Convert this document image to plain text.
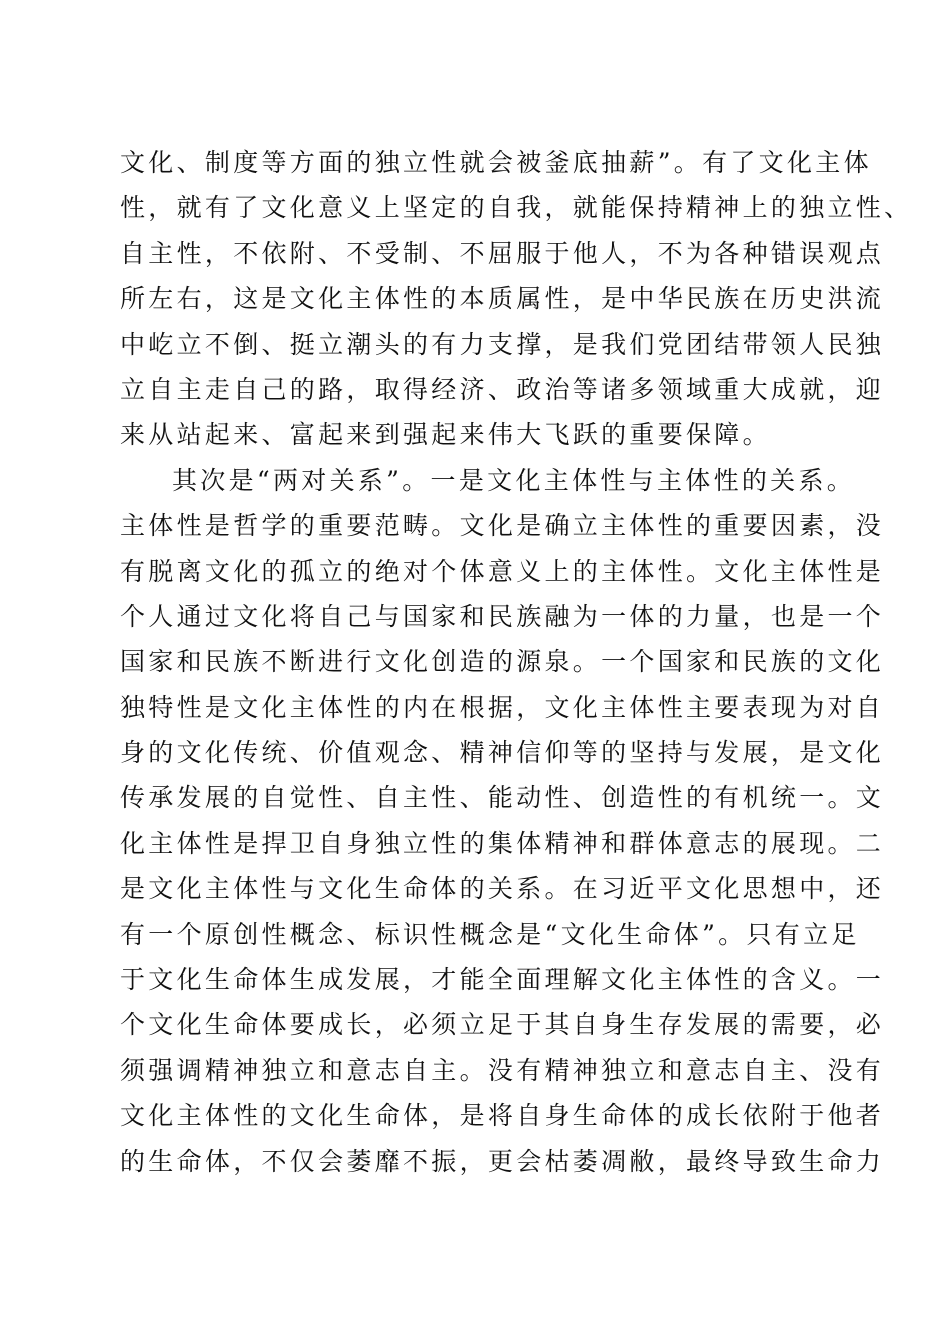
文化、制度等方面的独立性就会被釜底抽薪”。有了文化主体
性，就有了文化意义上坚定的自我，就能保持精神上的独立性、
自主性，不依附、不受制、不屈服于他人，不为各种错误观点
所左右，这是文化主体性的本质属性，是中华民族在历史洪流
中屹立不倒、挺立潮头的有力支撑，是我们党团结带领人民独
立自主走自己的路，取得经济、政治等诸多领域重大成就，迎
来从站起来、富起来到强起来伟大飞跃的重要保障。
其次是“两对关系”。一是文化主体性与主体性的关系。
主体性是哲学的重要范畴。文化是确立主体性的重要因素，没
有脱离文化的孤立的绝对个体意义上的主体性。文化主体性是
个人通过文化将自己与国家和民族融为一体的力量，也是一个
国家和民族不断进行文化创造的源泉。一个国家和民族的文化
独特性是文化主体性的内在根据，文化主体性主要表现为对自
身的文化传统、价值观念、精神信仰等的坚持与发展，是文化
传承发展的自觉性、自主性、能动性、创造性的有机统一。文
化主体性是捍卫自身独立性的集体精神和群体意志的展现。二
是文化主体性与文化生命体的关系。在习近平文化思想中，还
有一个原创性概念、标识性概念是“文化生命体”。只有立足
于文化生命体生成发展，才能全面理解文化主体性的含义。一
个文化生命体要成长，必须立足于其自身生存发展的需要，必
须强调精神独立和意志自主。没有精神独立和意志自主、没有
文化主体性的文化生命体，是将自身生命体的成长依附于他者
的生命体，不仅会萎靡不振，更会枯萎凋敝，最终导致生命力
